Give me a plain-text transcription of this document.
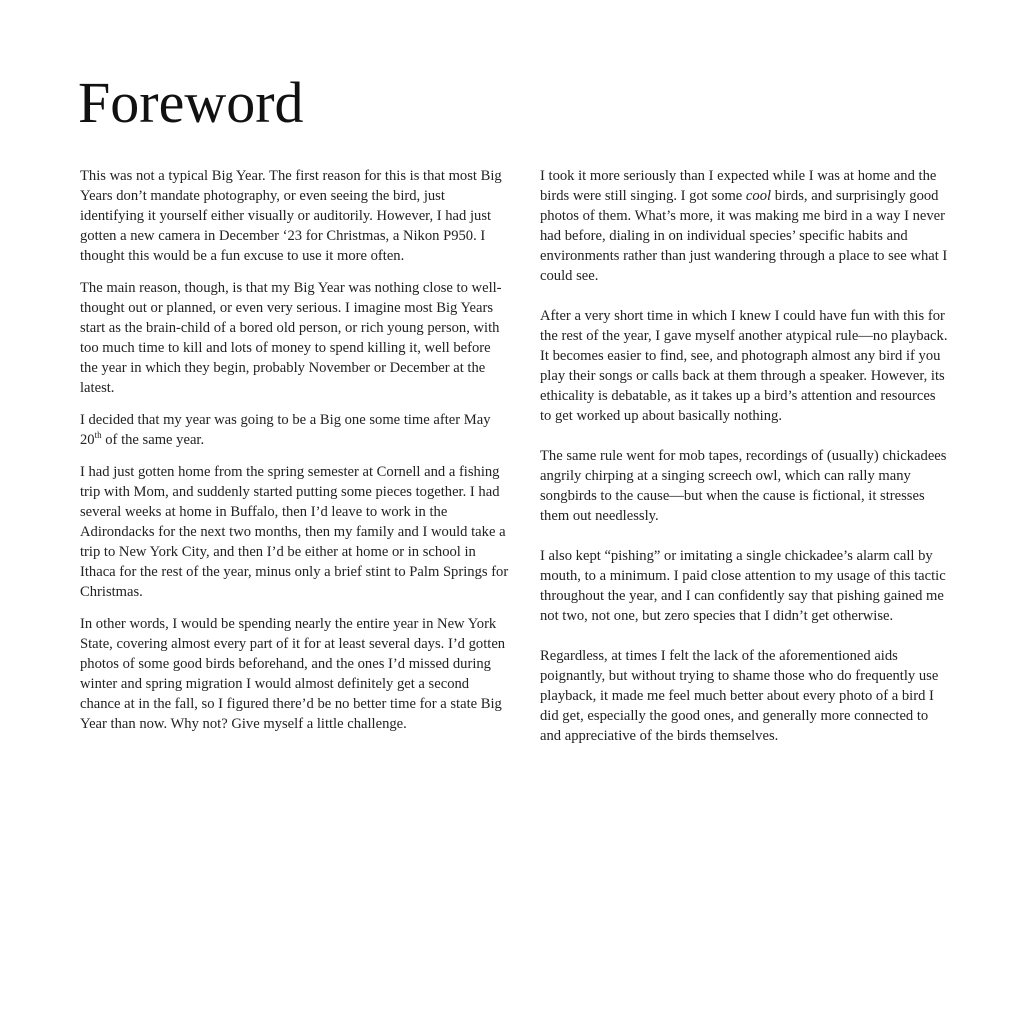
Foreword

This was not a typical Big Year. The first reason for this is that most Big Years don’t mandate photography, or even seeing the bird, just identifying it yourself either visually or auditorily. However, I had just gotten a new camera in December ‘23 for Christmas, a Nikon P950. I thought this would be a fun excuse to use it more often.

The main reason, though, is that my Big Year was nothing close to well-thought out or planned, or even very serious. I imagine most Big Years start as the brain-child of a bored old person, or rich young person, with too much time to kill and lots of money to spend killing it, well before the year in which they begin, probably November or December at the latest.

I decided that my year was going to be a Big one some time after May 20th of the same year.

I had just gotten home from the spring semester at Cornell and a fishing trip with Mom, and suddenly started putting some pieces together. I had several weeks at home in Buffalo, then I’d leave to work in the Adirondacks for the next two months, then my family and I would take a trip to New York City, and then I’d be either at home or in school in Ithaca for the rest of the year, minus only a brief stint to Palm Springs for Christmas.

In other words, I would be spending nearly the entire year in New York State, covering almost every part of it for at least several days. I’d gotten photos of some good birds beforehand, and the ones I’d missed during winter and spring migration I would almost definitely get a second chance at in the fall, so I figured there’d be no better time for a state Big Year than now. Why not? Give myself a little challenge.

I took it more seriously than I expected while I was at home and the birds were still singing. I got some cool birds, and surprisingly good photos of them. What’s more, it was making me bird in a way I never had before, dialing in on individual species’ specific habits and environments rather than just wandering through a place to see what I could see.

After a very short time in which I knew I could have fun with this for the rest of the year, I gave myself another atypical rule—no playback. It becomes easier to find, see, and photograph almost any bird if you play their songs or calls back at them through a speaker. However, its ethicality is debatable, as it takes up a bird’s attention and resources to get worked up about basically nothing.

The same rule went for mob tapes, recordings of (usually) chickadees angrily chirping at a singing screech owl, which can rally many songbirds to the cause—but when the cause is fictional, it stresses them out needlessly.

I also kept “pishing” or imitating a single chickadee’s alarm call by mouth, to a minimum. I paid close attention to my usage of this tactic throughout the year, and I can confidently say that pishing gained me not two, not one, but zero species that I didn’t get otherwise.

Regardless, at times I felt the lack of the aforementioned aids poignantly, but without trying to shame those who do frequently use playback, it made me feel much better about every photo of a bird I did get, especially the good ones, and generally more connected to and appreciative of the birds themselves.
